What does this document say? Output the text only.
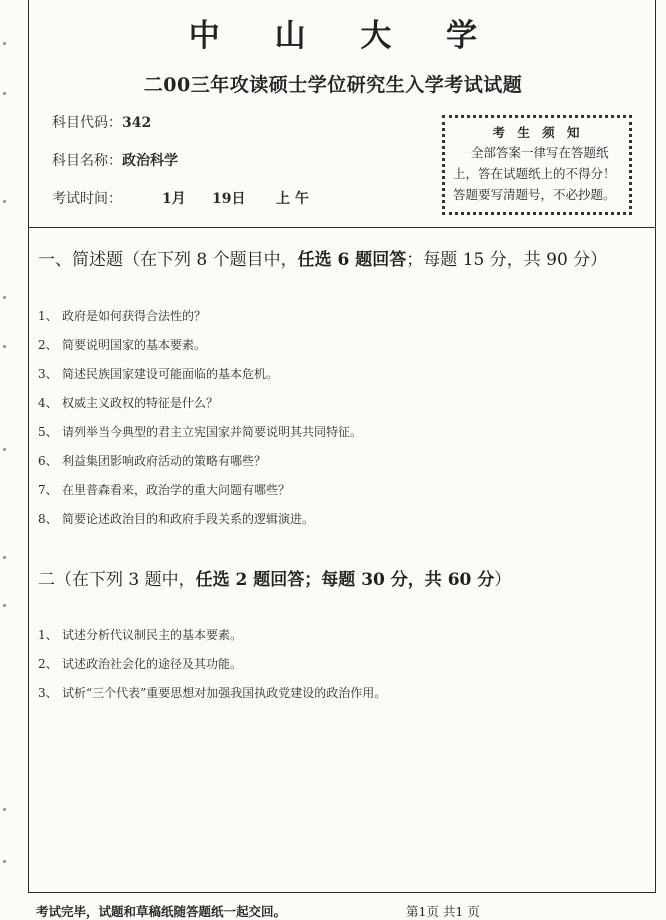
中 山 大 学
二00三年攻读硕士学位研究生入学考试试题
科目代码：342
科目名称：政治科学
考试时间：	1月 19日 上 午
考 生 须 知
全部答案一律写在答题纸
上，答在试题纸上的不得分！
答题要写清题号，不必抄题。
一、简述题（在下列 8 个题目中，任选 6 题回答；每题 15 分，共 90 分）
1、 政府是如何获得合法性的？
2、 简要说明国家的基本要素。
3、 简述民族国家建设可能面临的基本危机。
4、 权威主义政权的特征是什么？
5、 请列举当今典型的君主立宪国家并简要说明其共同特征。
6、 利益集团影响政府活动的策略有哪些？
7、 在里普森看来，政治学的重大问题有哪些？
8、 简要论述政治目的和政府手段关系的逻辑演进。
二（在下列 3 题中，任选 2 题回答；每题 30 分，共 60 分）
1、 试述分析代议制民主的基本要素。
2、 试述政治社会化的途径及其功能。
3、 试析“三个代表”重要思想对加强我国执政党建设的政治作用。
考试完毕，试题和草稿纸随答题纸一起交回。	第1页 共1 页
